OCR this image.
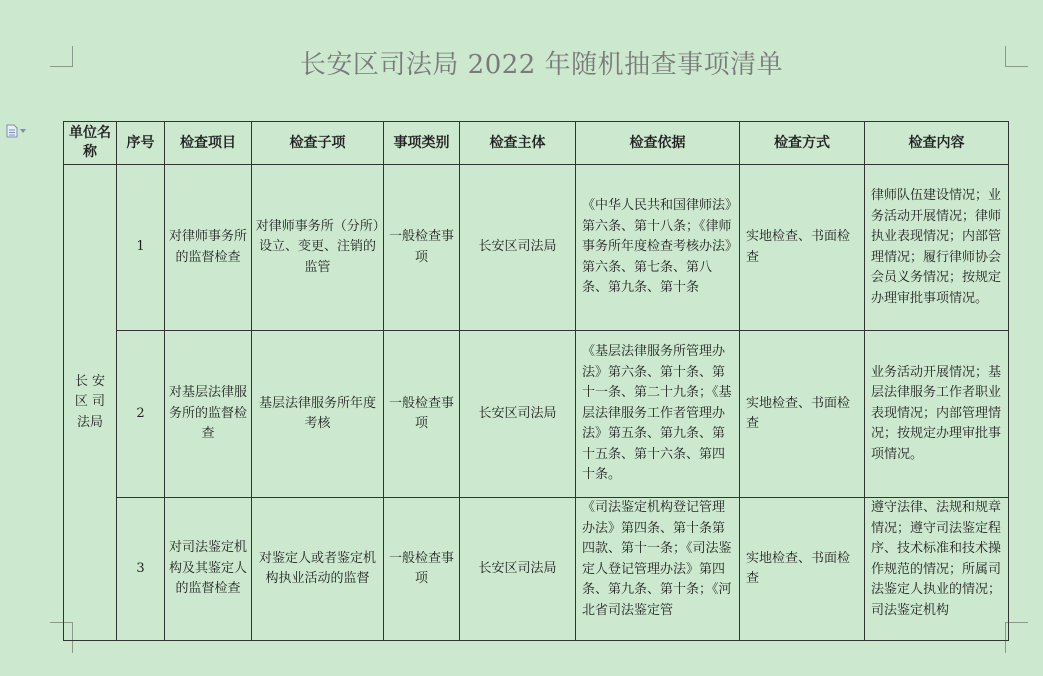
长安区司法局 2022 年随机抽查事项清单
单位名称	序号	检查项目	检查子项	事项类别	检查主体	检查依据	检查方式	检查内容
长 安 区 司 法局	1	对律师事务所的监督检查	对律师事务所（分所）设立、变更、注销的监管	一般检查事项	长安区司法局	《中华人民共和国律师法》第六条、第十八条；《律师事务所年度检查考核办法》第六条、第七条、第八条、第九条、第十条	实地检查、书面检查	律师队伍建设情况；业务活动开展情况；律师执业表现情况；内部管理情况；履行律师协会会员义务情况；按规定办理审批事项情况。
	2	对基层法律服务所的监督检查	基层法律服务所年度考核	一般检查事项	长安区司法局	《基层法律服务所管理办法》第六条、第十条、第十一条、第二十九条；《基层法律服务工作者管理办法》第五条、第九条、第十五条、第十六条、第四十条。	实地检查、书面检查	业务活动开展情况；基层法律服务工作者职业表现情况；内部管理情况；按规定办理审批事项情况。
	3	对司法鉴定机构及其鉴定人的监督检查	对鉴定人或者鉴定机构执业活动的监督	一般检查事项	长安区司法局	《司法鉴定机构登记管理办法》第四条、第十条第四款、第十一条；《司法鉴定人登记管理办法》第四条、第九条、第十条；《河北省司法鉴定管	实地检查、书面检查	遵守法律、法规和规章情况；遵守司法鉴定程序、技术标准和技术操作规范的情况；所属司法鉴定人执业的情况；司法鉴定机构
